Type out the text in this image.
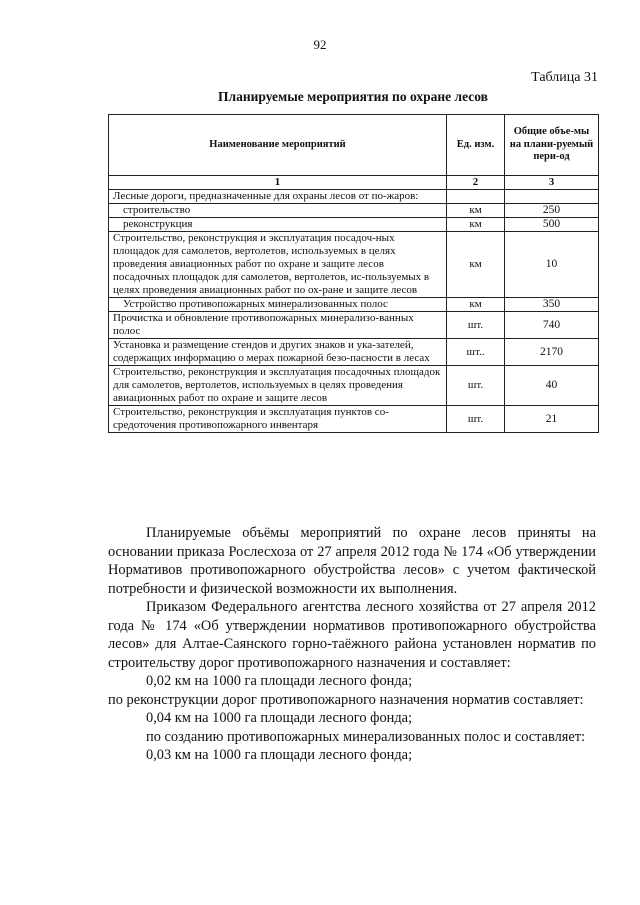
92
Таблица 31
Планируемые мероприятия по охране лесов
Наименование мероприятий	Ед. изм.	Общие объе-мы на плани-руемый пери-од
1	2	3
Лесные дороги, предназначенные для охраны лесов от по-жаров:		
строительство	км	250
реконструкция	км	500
Строительство, реконструкция и эксплуатация посадоч-ных площадок для самолетов, вертолетов, используемых в целях проведения авиационных работ по охране и защите лесов посадочных площадок для самолетов, вертолетов, ис-пользуемых в целях проведения авиационных работ по ох-ране и защите лесов	км	10
Устройство противопожарных минерализованных полос	км	350
Прочистка и обновление противопожарных минерализо-ванных полос	шт.	740
Установка и размещение стендов и других знаков и ука-зателей, содержащих информацию о мерах пожарной безо-пасности в лесах	шт..	2170
Строительство, реконструкция и эксплуатация посадочных площадок для самолетов, вертолетов, используемых в целях проведения авиационных работ по охране и защите лесов	шт.	40
Строительство, реконструкция и эксплуатация пунктов со-средоточения противопожарного инвентаря	шт.	21

Планируемые объёмы мероприятий по охране лесов приняты на основании приказа Рослесхоза от 27 апреля 2012 года № 174 «Об утверждении Нормативов противопожарного обустройства лесов» с учетом фактической потребности и физической возможности их выполнения.

Приказом Федерального агентства лесного хозяйства от 27 апреля 2012 года № 174 «Об утверждении нормативов противопожарного обустройства лесов» для Алтае-Саянского горно-таёжного района установлен норматив по строительству дорог противопожарного назначения и составляет:

0,02 км на 1000 га площади лесного фонда;

по реконструкции дорог противопожарного назначения норматив составляет:

0,04 км на 1000 га площади лесного фонда;

по созданию противопожарных минерализованных полос и составляет:

0,03 км на 1000 га площади лесного фонда;
